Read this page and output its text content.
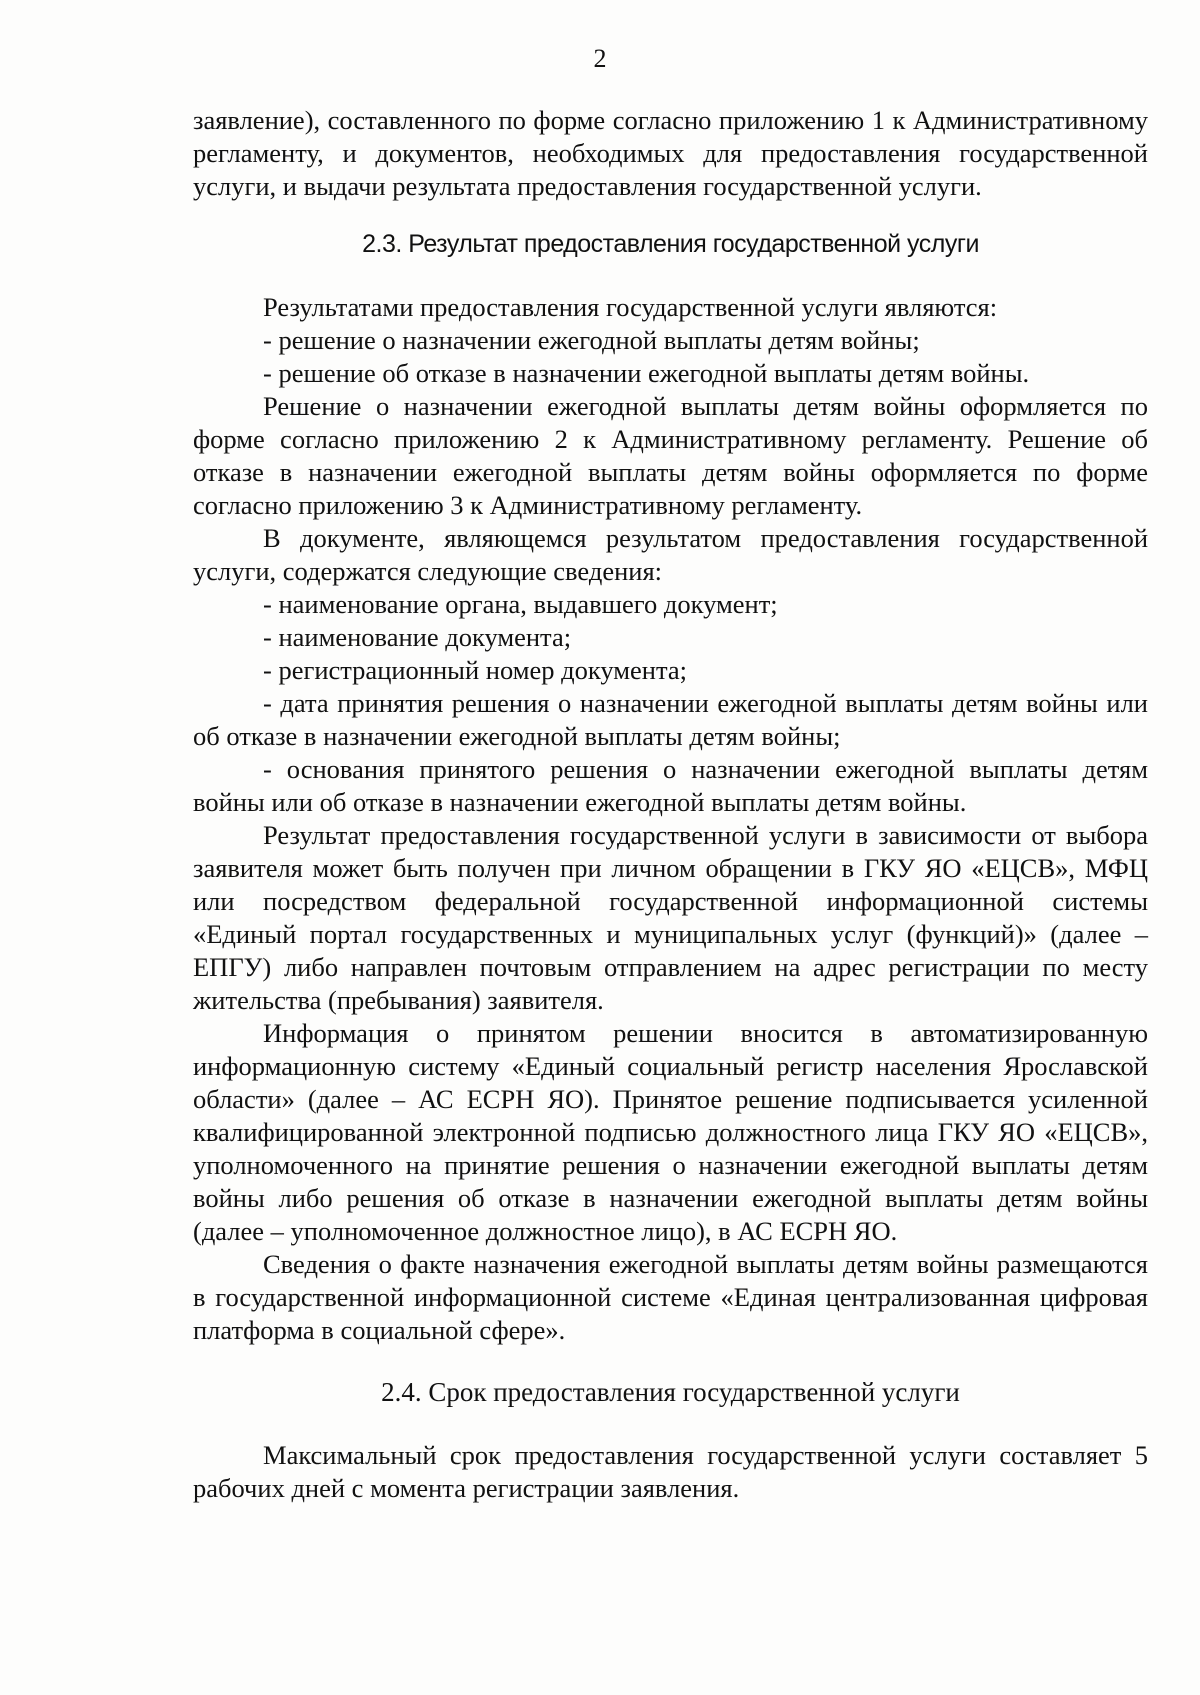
2

заявление), составленного по форме согласно приложению 1 к Административному регламенту, и документов, необходимых для предоставления государственной услуги, и выдачи результата предоставления государственной услуги.

2.3. Результат предоставления государственной услуги

Результатами предоставления государственной услуги являются:

- решение о назначении ежегодной выплаты детям войны;

- решение об отказе в назначении ежегодной выплаты детям войны.

Решение о назначении ежегодной выплаты детям войны оформляется по форме согласно приложению 2 к Административному регламенту. Решение об отказе в назначении ежегодной выплаты детям войны оформляется по форме согласно приложению 3 к Административному регламенту.

В документе, являющемся результатом предоставления государственной услуги, содержатся следующие сведения:

- наименование органа, выдавшего документ;

- наименование документа;

- регистрационный номер документа;

- дата принятия решения о назначении ежегодной выплаты детям войны или об отказе в назначении ежегодной выплаты детям войны;

- основания принятого решения о назначении ежегодной выплаты детям войны или об отказе в назначении ежегодной выплаты детям войны.

Результат предоставления государственной услуги в зависимости от выбора заявителя может быть получен при личном обращении в ГКУ ЯО «ЕЦСВ», МФЦ или посредством федеральной государственной информационной системы «Единый портал государственных и муниципальных услуг (функций)» (далее – ЕПГУ) либо направлен почтовым отправлением на адрес регистрации по месту жительства (пребывания) заявителя.

Информация о принятом решении вносится в автоматизированную информационную систему «Единый социальный регистр населения Ярославской области» (далее – АС ЕСРН ЯО). Принятое решение подписывается усиленной квалифицированной электронной подписью должностного лица ГКУ ЯО «ЕЦСВ», уполномоченного на принятие решения о назначении ежегодной выплаты детям войны либо решения об отказе в назначении ежегодной выплаты детям войны (далее – уполномоченное должностное лицо), в АС ЕСРН ЯО.

Сведения о факте назначения ежегодной выплаты детям войны размещаются в государственной информационной системе «Единая централизованная цифровая платформа в социальной сфере».

2.4. Срок предоставления государственной услуги

Максимальный срок предоставления государственной услуги составляет 5 рабочих дней с момента регистрации заявления.
